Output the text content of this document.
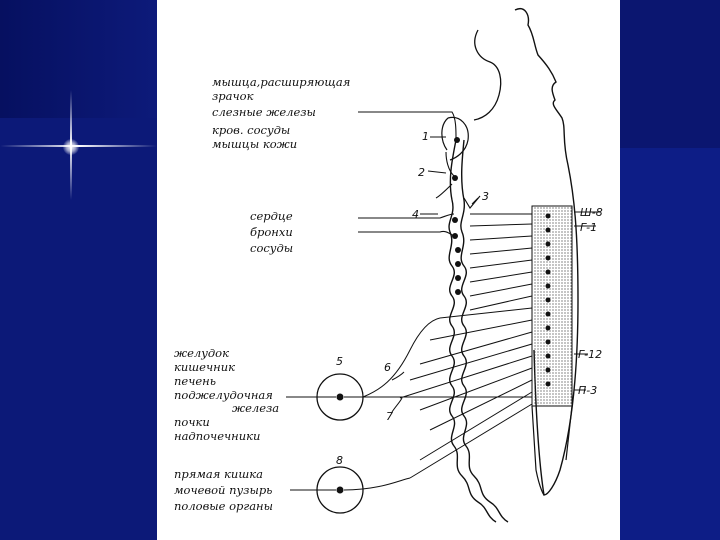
мышца,расширяющая
зрачок
слезные железы
кров. сосуды
мышцы кожи
сердце
бронхи
сосуды
желудок
кишечник
печень
поджелудочная
железа
почки
надпочечники
прямая кишка
мочевой пузырь
половые органы
1
2
3
4
5	6
7
8
Ш-8
Г-1
Г-12
П-3
